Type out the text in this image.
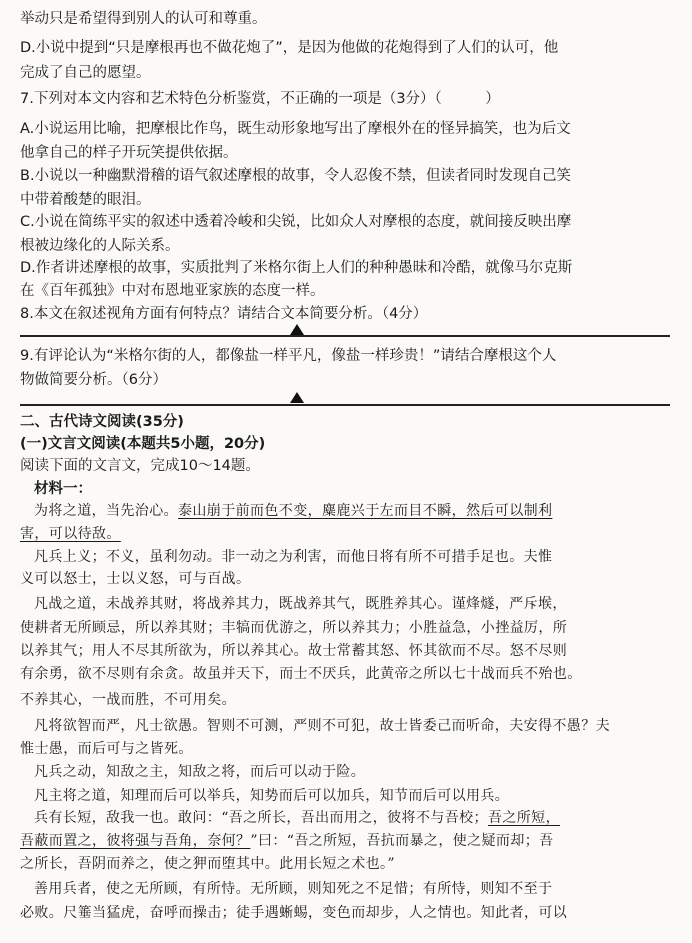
举动只是希望得到别人的认可和尊重。
D.小说中提到“只是摩根再也不做花炮了”，是因为他做的花炮得到了人们的认可，他
完成了自己的愿望。
7.下列对本文内容和艺术特色分析鉴赏，不正确的一项是（3分）（　　　）
A.小说运用比喻，把摩根比作鸟，既生动形象地写出了摩根外在的怪异搞笑，也为后文
他拿自己的样子开玩笑提供依据。
B.小说以一种幽默滑稽的语气叙述摩根的故事，令人忍俊不禁，但读者同时发现自己笑
中带着酸楚的眼泪。
C.小说在简练平实的叙述中透着冷峻和尖锐，比如众人对摩根的态度，就间接反映出摩
根被边缘化的人际关系。
D.作者讲述摩根的故事，实质批判了米格尔街上人们的种种愚昧和冷酷，就像马尔克斯
在《百年孤独》中对布恩地亚家族的态度一样。
8.本文在叙述视角方面有何特点？请结合文本简要分析。（4分）
9.有评论认为“米格尔街的人，都像盐一样平凡，像盐一样珍贵！”请结合摩根这个人
物做简要分析。（6分）
二、古代诗文阅读(35分)
(一)文言文阅读(本题共5小题，20分)
阅读下面的文言文，完成10～14题。
材料一：
为将之道，当先治心。泰山崩于前而色不变，麋鹿兴于左而目不瞬，然后可以制利
害，可以待敌。
凡兵上义；不义，虽利勿动。非一动之为利害，而他日将有所不可措手足也。夫惟
义可以怒士，士以义怒，可与百战。
凡战之道，未战养其财，将战养其力，既战养其气，既胜养其心。谨烽燧，严斥堠，
使耕者无所顾忌，所以养其财；丰犒而优游之，所以养其力；小胜益急，小挫益厉，所
以养其气；用人不尽其所欲为，所以养其心。故士常蓄其怒、怀其欲而不尽。怒不尽则
有余勇，欲不尽则有余贪。故虽并天下，而士不厌兵，此黄帝之所以七十战而兵不殆也。
不养其心，一战而胜，不可用矣。
凡将欲智而严，凡士欲愚。智则不可测，严则不可犯，故士皆委己而听命，夫安得不愚？夫
惟士愚，而后可与之皆死。
凡兵之动，知敌之主，知敌之将，而后可以动于险。
凡主将之道，知理而后可以举兵，知势而后可以加兵，知节而后可以用兵。
兵有长短，敌我一也。敢问：“吾之所长，吾出而用之，彼将不与吾校；吾之所短，
吾蔽而置之，彼将强与吾角，奈何？”曰：“吾之所短，吾抗而暴之，使之疑而却；吾
之所长，吾阴而养之，使之狎而堕其中。此用长短之术也。”
善用兵者，使之无所顾，有所恃。无所顾，则知死之不足惜；有所恃，则知不至于
必败。尺箠当猛虎，奋呼而操击；徒手遇蜥蜴，变色而却步，人之情也。知此者，可以
